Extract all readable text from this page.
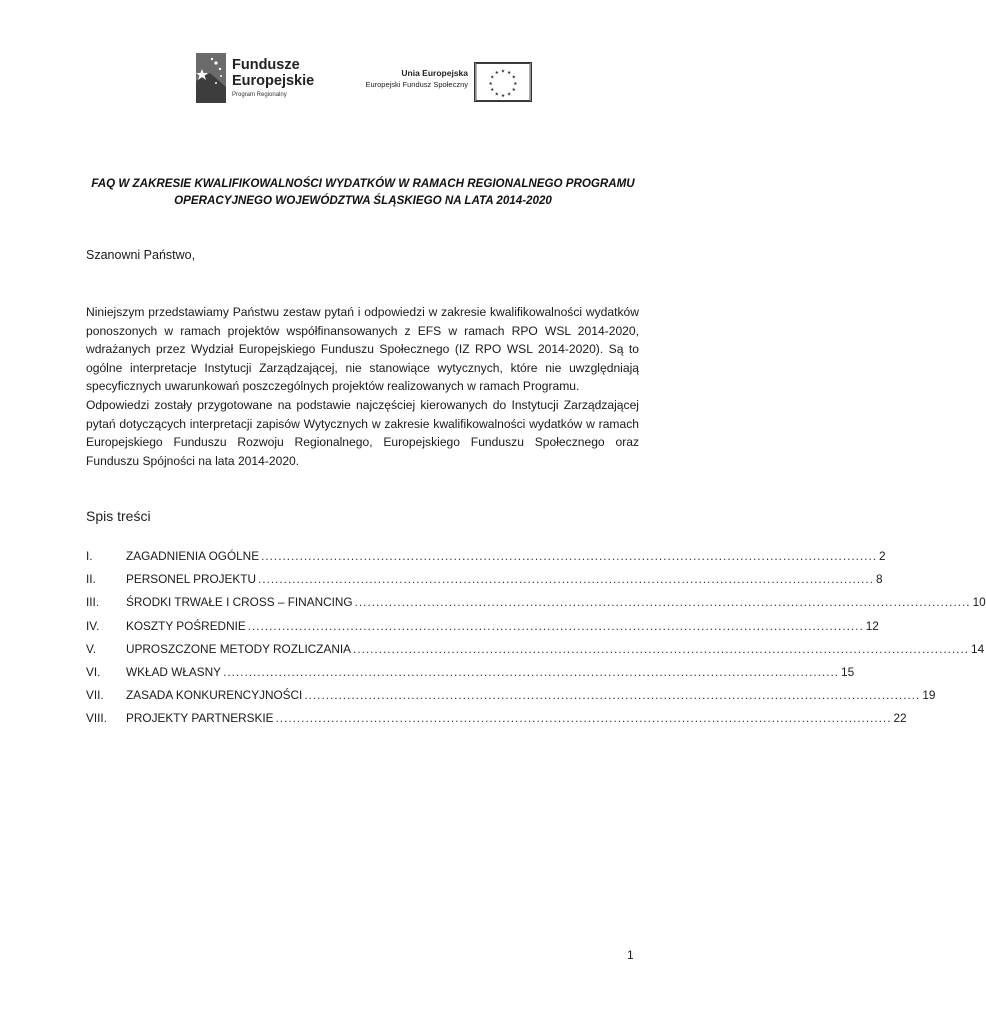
Fundusze
Europejskie
Program Regionalny
Unia Europejska
Europejski Fundusz Społeczny
★ ★
★
★
★
★
★
★
★
★
★
★
FAQ W ZAKRESIE KWALIFIKOWALNOŚCI WYDATKÓW W RAMACH REGIONALNEGO PROGRAMU
OPERACYJNEGO WOJEWÓDZTWA ŚLĄSKIEGO NA LATA 2014-2020
Szanowni Państwo,

Niniejszym przedstawiamy Państwu zestaw pytań i odpowiedzi w zakresie kwalifikowalności wydatków ponoszonych w ramach projektów współfinansowanych z EFS w ramach RPO WSL 2014-2020, wdrażanych przez Wydział Europejskiego Funduszu Społecznego (IZ RPO WSL 2014-2020). Są to ogólne interpretacje Instytucji Zarządzającej, nie stanowiące wytycznych, które nie uwzględniają specyficznych uwarunkowań poszczególnych projektów realizowanych w ramach Programu.

Odpowiedzi zostały przygotowane na podstawie najczęściej kierowanych do Instytucji Zarządzającej pytań dotyczących interpretacji zapisów Wytycznych w zakresie kwalifikowalności wydatków w ramach Europejskiego Funduszu Rozwoju Regionalnego, Europejskiego Funduszu Społecznego oraz Funduszu Spójności na lata 2014-2020.

Spis treści
I.	ZAGADNIENIA OGÓLNE ................................................................................................................................................ 2
II.	PERSONEL PROJEKTU ................................................................................................................................................ 8
III.	ŚRODKI TRWAŁE I CROSS – FINANCING ................................................................................................................................................ 10
IV.	KOSZTY POŚREDNIE ................................................................................................................................................ 12
V.	UPROSZCZONE METODY ROZLICZANIA ................................................................................................................................................ 14
VI.	WKŁAD WŁASNY ................................................................................................................................................ 15
VII.	ZASADA KONKURENCYJNOŚCI ................................................................................................................................................ 19
VIII.	PROJEKTY PARTNERSKIE ................................................................................................................................................ 22
1
